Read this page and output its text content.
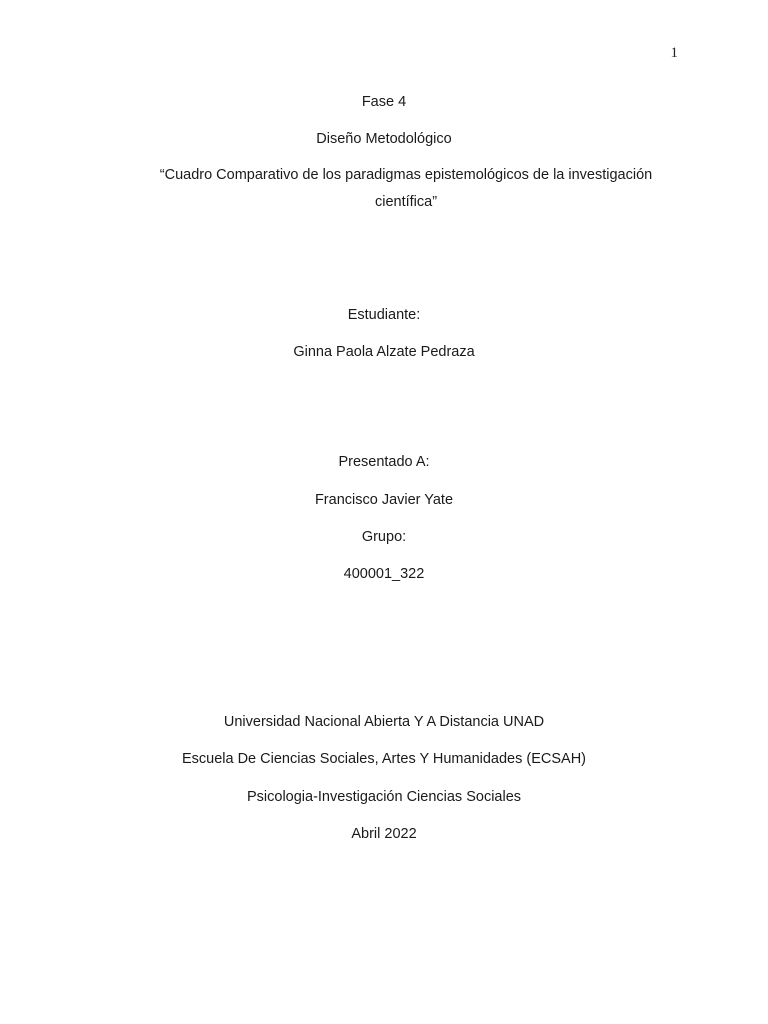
1
Fase 4
Diseño Metodológico
“Cuadro Comparativo de los paradigmas epistemológicos de la investigación científica”
Estudiante:
Ginna Paola Alzate Pedraza
Presentado A:
Francisco Javier Yate
Grupo:
400001_322
Universidad Nacional Abierta Y A Distancia UNAD
Escuela De Ciencias Sociales, Artes Y Humanidades (ECSAH)
Psicologia-Investigación Ciencias Sociales
Abril 2022
